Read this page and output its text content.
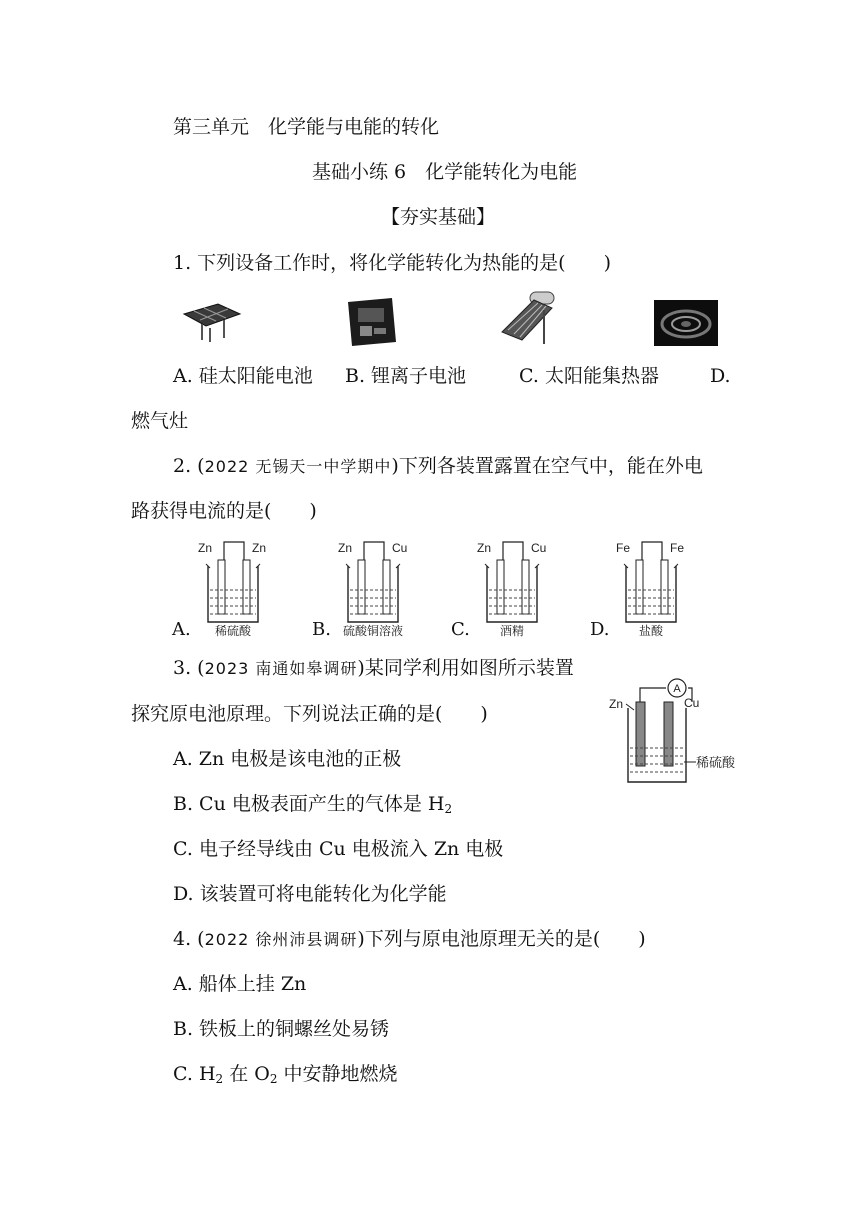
第三单元　化学能与电能的转化
基础小练 6　化学能转化为电能
【夯实基础】
1. 下列设备工作时，将化学能转化为热能的是(　　)
A. 硅太阳能电池 B. 锂离子电池	C. 太阳能集热器	D.
燃气灶
2. (2022 无锡天一中学期中)下列各装置露置在空气中，能在外电
路获得电流的是(　　)
A.
Zn	Zn
稀硫酸	B.
Zn	Cu
硫酸铜溶液	C.
Zn	Cu
酒精	D.
Fe	Fe
盐酸
3. (2023 南通如皋调研)某同学利用如图所示装置
探究原电池原理。下列说法正确的是(　　)
A
Zn	Cu
稀硫酸
A. Zn 电极是该电池的正极
B. Cu 电极表面产生的气体是 $H_2$
C. 电子经导线由 Cu 电极流入 Zn 电极
D. 该装置可将电能转化为化学能
4. (2022 徐州沛县调研)下列与原电池原理无关的是(　　)
A. 船体上挂 Zn
B. 铁板上的铜螺丝处易锈
C. $H_2$ 在 $O_2$ 中安静地燃烧
